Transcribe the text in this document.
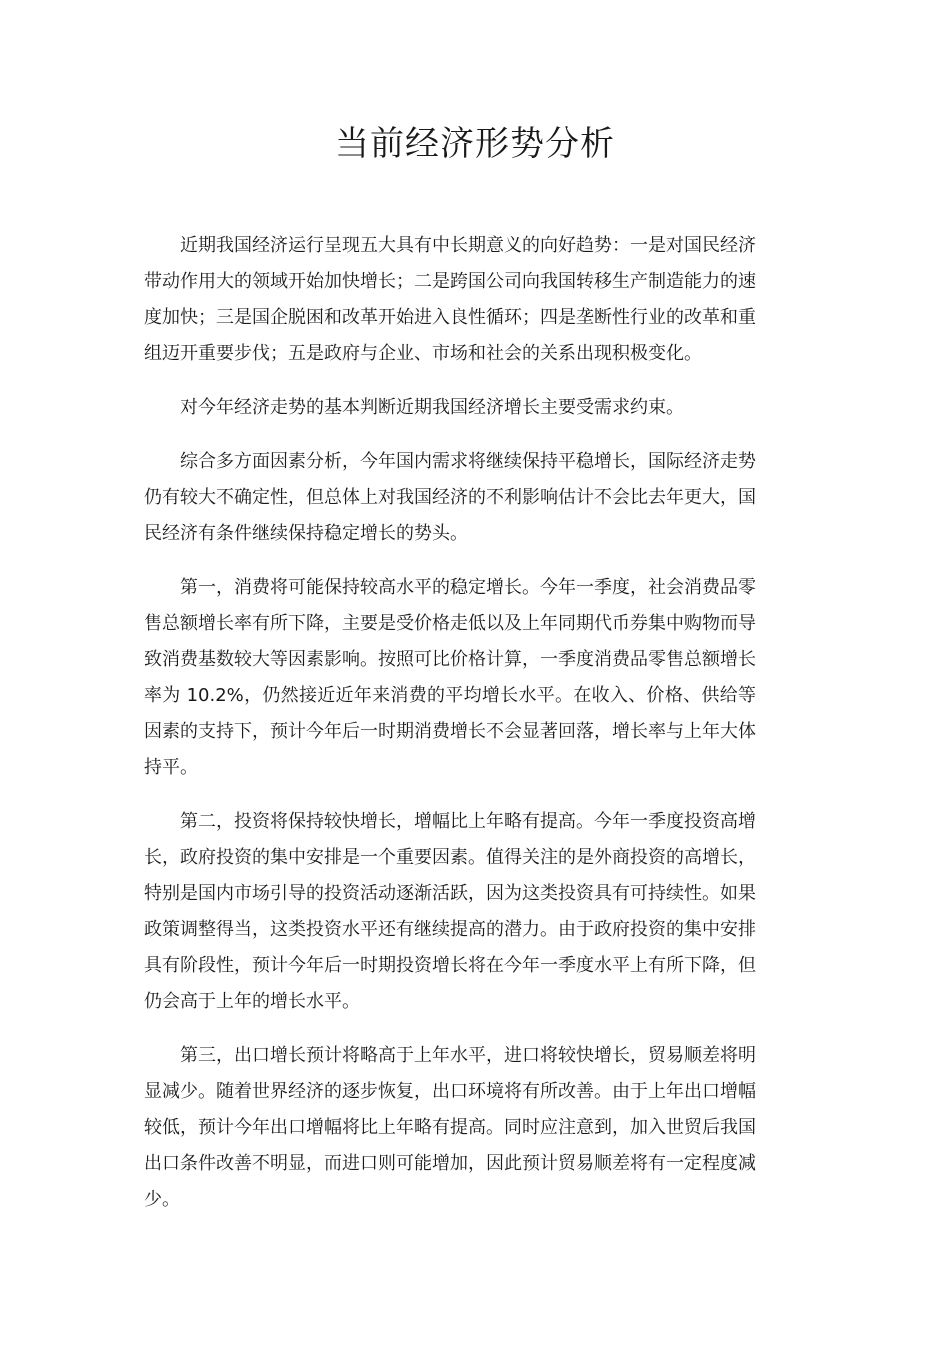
当前经济形势分析

近期我国经济运行呈现五大具有中长期意义的向好趋势：一是对国民经济带动作用大的领域开始加快增长；二是跨国公司向我国转移生产制造能力的速度加快；三是国企脱困和改革开始进入良性循环；四是垄断性行业的改革和重组迈开重要步伐；五是政府与企业、市场和社会的关系出现积极变化。

对今年经济走势的基本判断近期我国经济增长主要受需求约束。

综合多方面因素分析，今年国内需求将继续保持平稳增长，国际经济走势仍有较大不确定性，但总体上对我国经济的不利影响估计不会比去年更大，国民经济有条件继续保持稳定增长的势头。

第一，消费将可能保持较高水平的稳定增长。今年一季度，社会消费品零售总额增长率有所下降，主要是受价格走低以及上年同期代币券集中购物而导致消费基数较大等因素影响。按照可比价格计算，一季度消费品零售总额增长率为 10.2%，仍然接近近年来消费的平均增长水平。在收入、价格、供给等因素的支持下，预计今年后一时期消费增长不会显著回落，增长率与上年大体持平。

第二，投资将保持较快增长，增幅比上年略有提高。今年一季度投资高增长，政府投资的集中安排是一个重要因素。值得关注的是外商投资的高增长，特别是国内市场引导的投资活动逐渐活跃，因为这类投资具有可持续性。如果政策调整得当，这类投资水平还有继续提高的潜力。由于政府投资的集中安排具有阶段性，预计今年后一时期投资增长将在今年一季度水平上有所下降，但仍会高于上年的增长水平。

第三，出口增长预计将略高于上年水平，进口将较快增长，贸易顺差将明显减少。随着世界经济的逐步恢复，出口环境将有所改善。由于上年出口增幅较低，预计今年出口增幅将比上年略有提高。同时应注意到，加入世贸后我国出口条件改善不明显，而进口则可能增加，因此预计贸易顺差将有一定程度减少。
